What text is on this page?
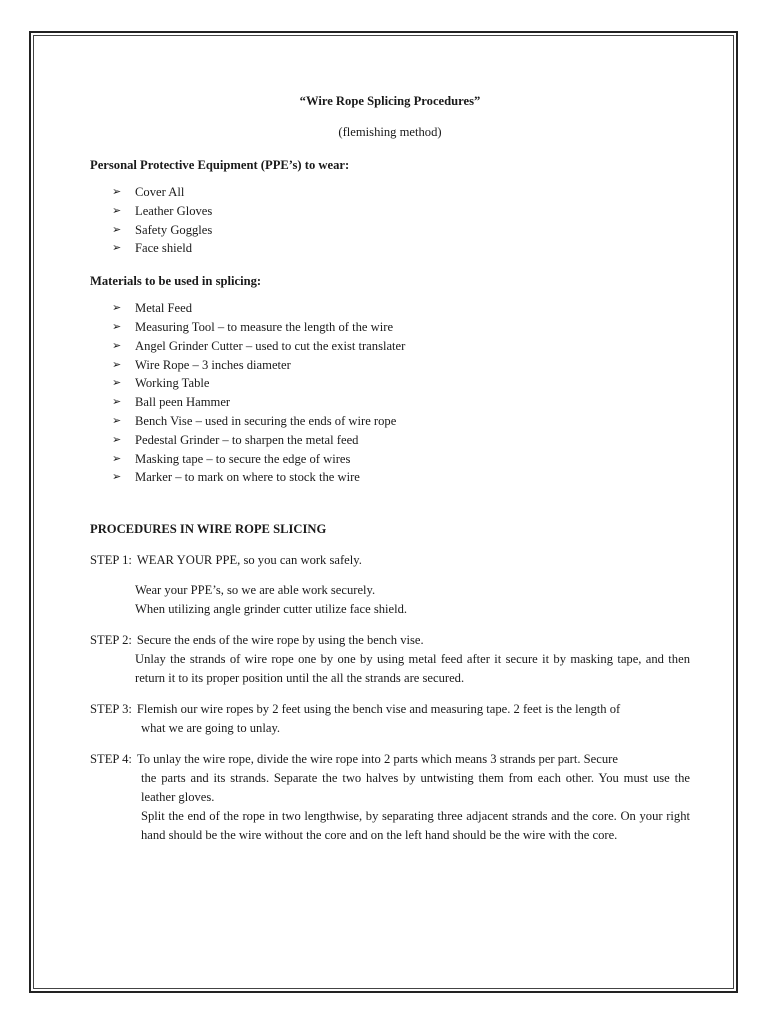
“Wire Rope Splicing Procedures”

(flemishing method)
Personal Protective Equipment (PPE’s) to wear:
➢ Cover All
➢ Leather Gloves
➢ Safety Goggles
➢ Face shield
Materials to be used in splicing:
➢ Metal Feed
➢ Measuring Tool – to measure the length of the wire
➢ Angel Grinder Cutter – used to cut the exist translater
➢ Wire Rope – 3 inches diameter
➢ Working Table
➢ Ball peen Hammer
➢ Bench Vise – used in securing the ends of wire rope
➢ Pedestal Grinder – to sharpen the metal feed
➢ Masking tape – to secure the edge of wires
➢ Marker – to mark on where to stock the wire
PROCEDURES IN WIRE ROPE SLICING
STEP 1: WEAR YOUR PPE, so you can work safely.
Wear your PPE’s, so we are able work securely.
When utilizing angle grinder cutter utilize face shield.
STEP 2: Secure the ends of the wire rope by using the bench vise.
Unlay the strands of wire rope one by one by using metal feed after it secure it by masking tape, and then return it to its proper position until the all the strands are secured.
STEP 3: Flemish our wire ropes by 2 feet using the bench vise and measuring tape. 2 feet is the length of
what we are going to unlay.
STEP 4: To unlay the wire rope, divide the wire rope into 2 parts which means 3 strands per part. Secure
the parts and its strands. Separate the two halves by untwisting them from each other. You must use the leather gloves.
Split the end of the rope in two lengthwise, by separating three adjacent strands and the core. On your right hand should be the wire without the core and on the left hand should be the wire with the core.
